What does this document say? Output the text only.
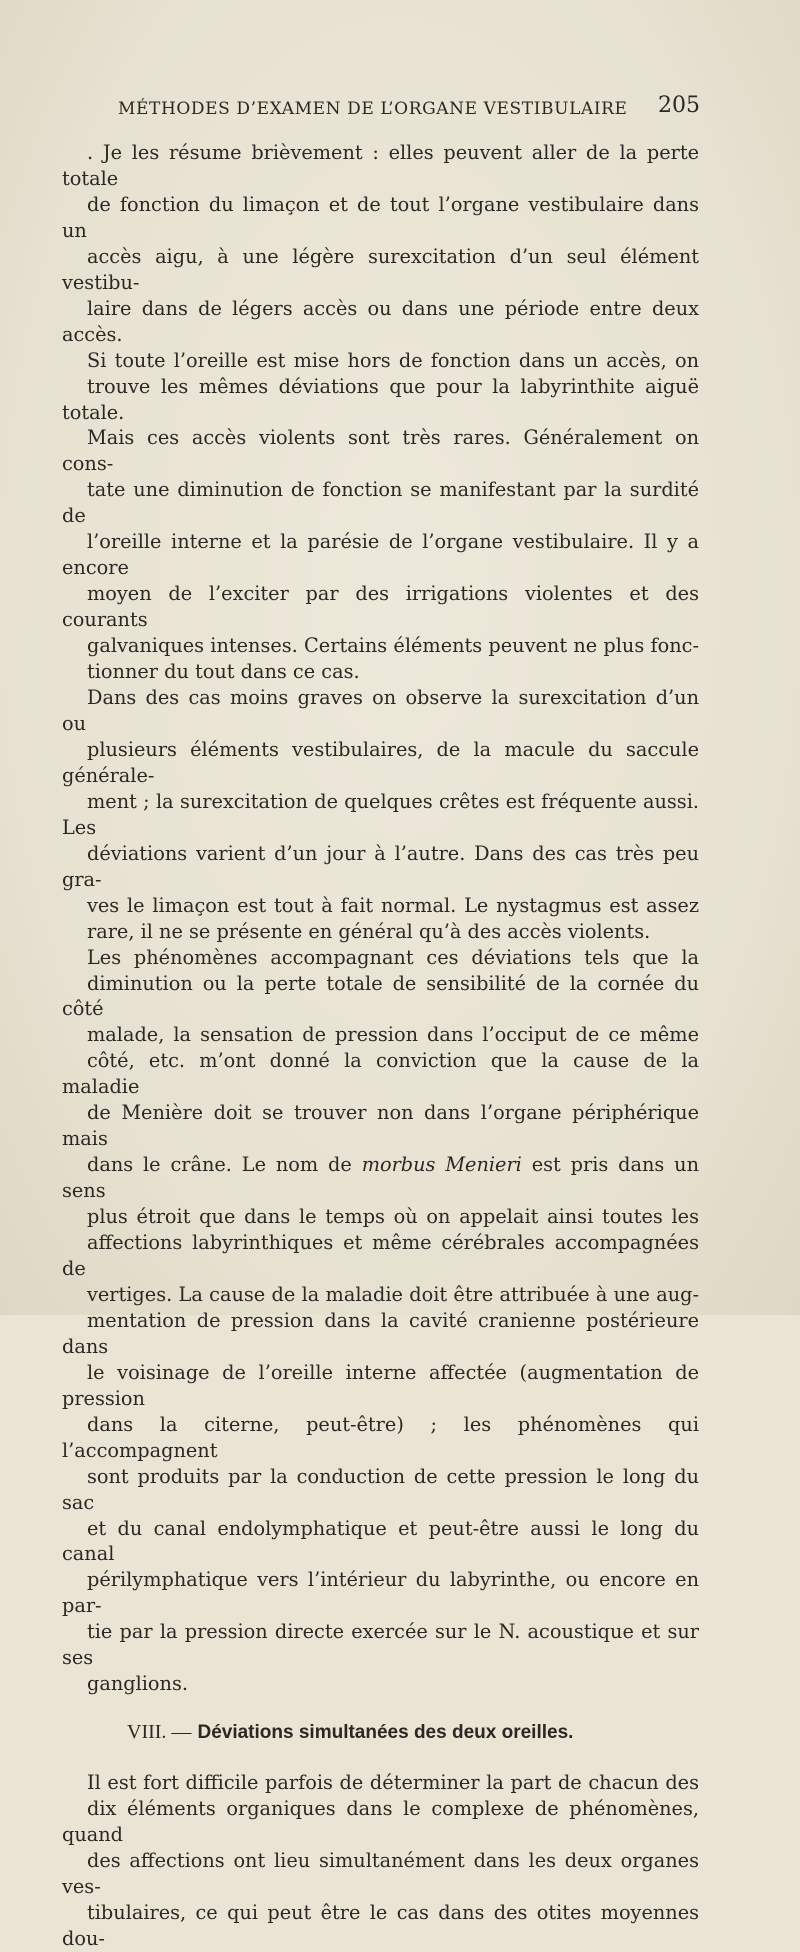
MÉTHODES D’EXAMEN DE L’ORGANE VESTIBULAIRE 205

. Je les résume brièvement : elles peuvent aller de la perte totale
de fonction du limaçon et de tout l’organe vestibulaire dans un
accès aigu, à une légère surexcitation d’un seul élément vestibu-
laire dans de légers accès ou dans une période entre deux accès.

Si toute l’oreille est mise hors de fonction dans un accès, on
trouve les mêmes déviations que pour la labyrinthite aiguë totale.
Mais ces accès violents sont très rares. Généralement on cons-
tate une diminution de fonction se manifestant par la surdité de
l’oreille interne et la parésie de l’organe vestibulaire. Il y a encore
moyen de l’exciter par des irrigations violentes et des courants
galvaniques intenses. Certains éléments peuvent ne plus fonc-
tionner du tout dans ce cas.

Dans des cas moins graves on observe la surexcitation d’un ou
plusieurs éléments vestibulaires, de la macule du saccule générale-
ment ; la surexcitation de quelques crêtes est fréquente aussi. Les
déviations varient d’un jour à l’autre. Dans des cas très peu gra-
ves le limaçon est tout à fait normal. Le nystagmus est assez
rare, il ne se présente en général qu’à des accès violents.

Les phénomènes accompagnant ces déviations tels que la
diminution ou la perte totale de sensibilité de la cornée du côté
malade, la sensation de pression dans l’occiput de ce même
côté, etc. m’ont donné la conviction que la cause de la maladie
de Menière doit se trouver non dans l’organe périphérique mais
dans le crâne. Le nom de morbus Menieri est pris dans un sens
plus étroit que dans le temps où on appelait ainsi toutes les
affections labyrinthiques et même cérébrales accompagnées de
vertiges. La cause de la maladie doit être attribuée à une aug-
mentation de pression dans la cavité cranienne postérieure dans
le voisinage de l’oreille interne affectée (augmentation de pression
dans la citerne, peut-être) ; les phénomènes qui l’accompagnent
sont produits par la conduction de cette pression le long du sac
et du canal endolymphatique et peut-être aussi le long du canal
périlymphatique vers l’intérieur du labyrinthe, ou encore en par-
tie par la pression directe exercée sur le N. acoustique et sur ses
ganglions.

VIII. — Déviations simultanées des deux oreilles.

Il est fort difficile parfois de déterminer la part de chacun des
dix éléments organiques dans le complexe de phénomènes, quand
des affections ont lieu simultanément dans les deux organes ves-
tibulaires, ce qui peut être le cas dans des otites moyennes dou-
